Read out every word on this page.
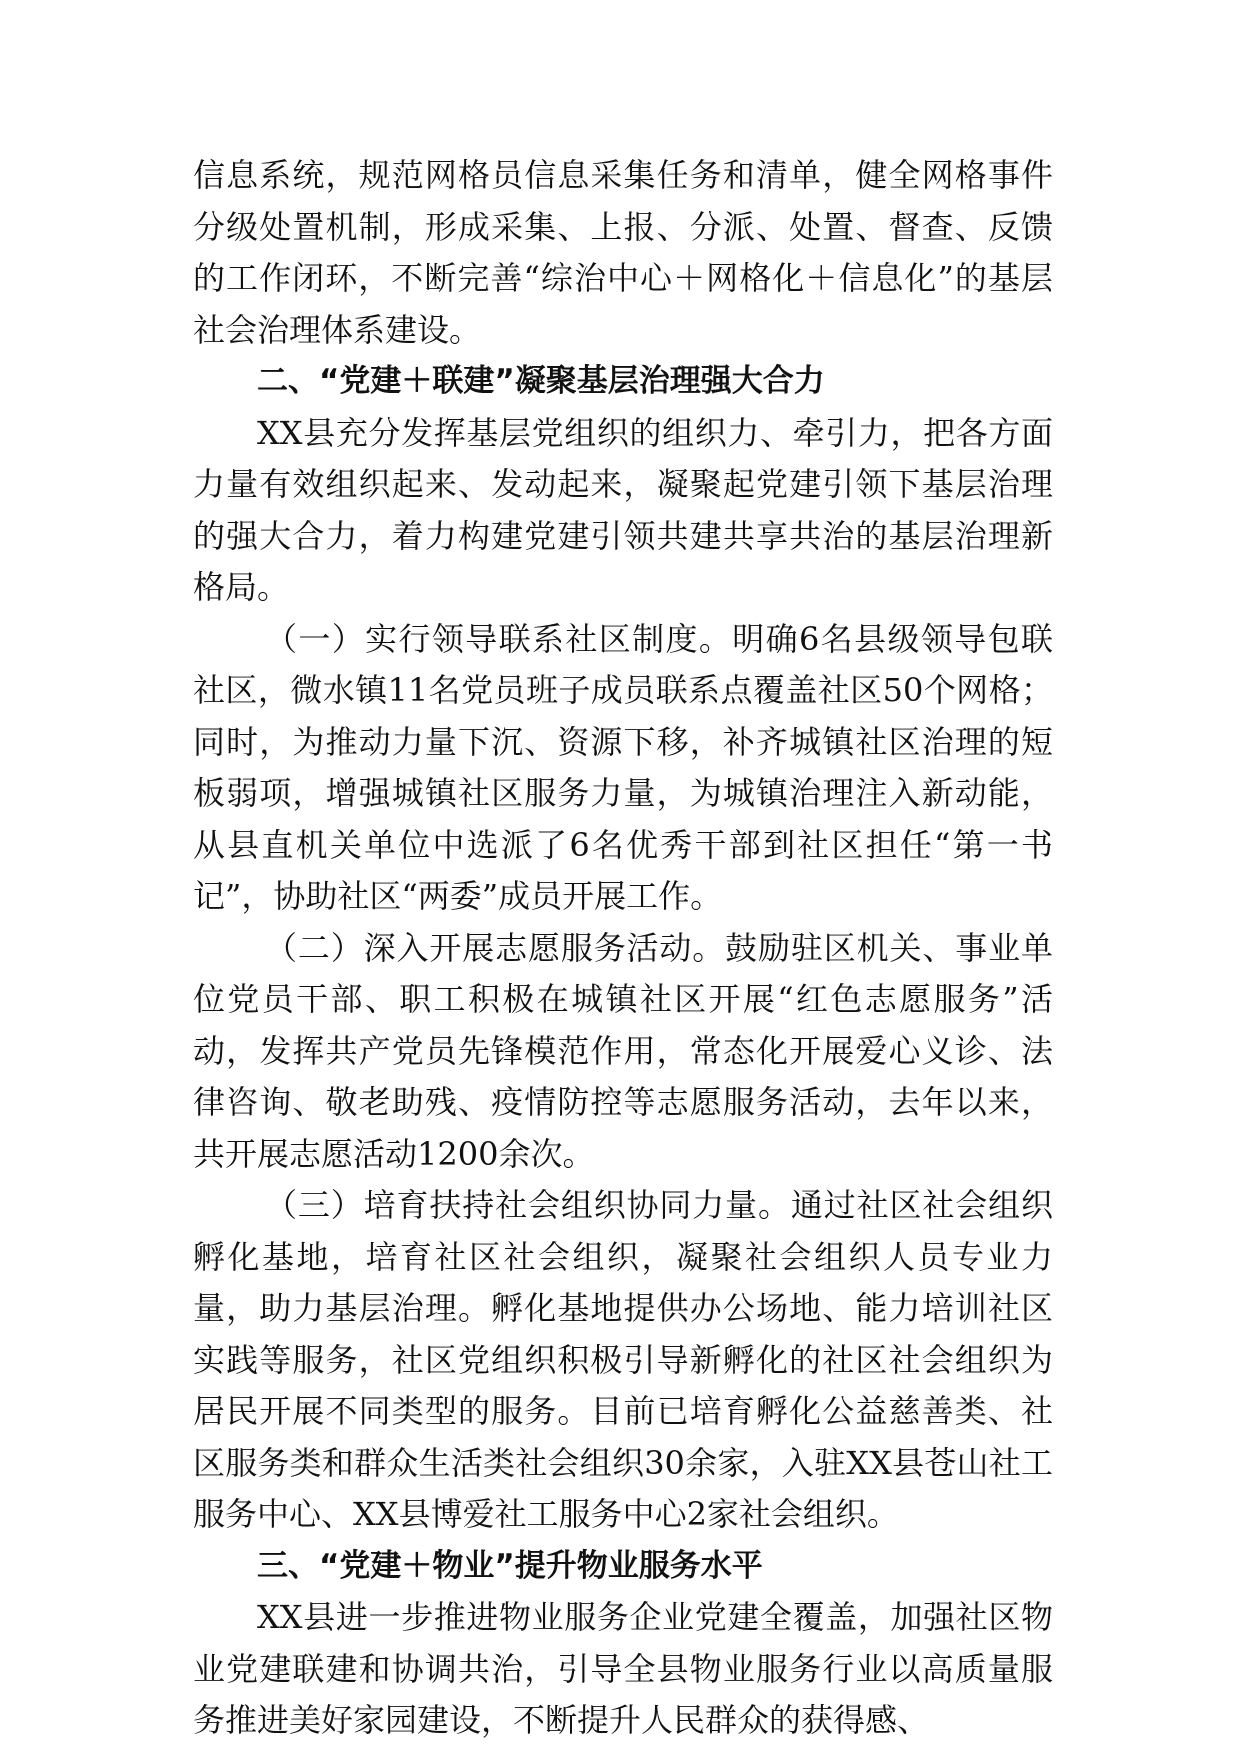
信息系统，规范网格员信息采集任务和清单，健全网格事件分级处置机制，形成采集、上报、分派、处置、督查、反馈的工作闭环，不断完善“综治中心＋网格化＋信息化”的基层社会治理体系建设。

二、“党建＋联建”凝聚基层治理强大合力

XX县充分发挥基层党组织的组织力、牵引力，把各方面力量有效组织起来、发动起来，凝聚起党建引领下基层治理的强大合力，着力构建党建引领共建共享共治的基层治理新格局。

（一）实行领导联系社区制度。明确6名县级领导包联社区，微水镇11名党员班子成员联系点覆盖社区50个网格；同时，为推动力量下沉、资源下移，补齐城镇社区治理的短板弱项，增强城镇社区服务力量，为城镇治理注入新动能，从县直机关单位中选派了6名优秀干部到社区担任“第一书记”，协助社区“两委”成员开展工作。

（二）深入开展志愿服务活动。鼓励驻区机关、事业单位党员干部、职工积极在城镇社区开展“红色志愿服务”活动，发挥共产党员先锋模范作用，常态化开展爱心义诊、法律咨询、敬老助残、疫情防控等志愿服务活动，去年以来，共开展志愿活动1200余次。

（三）培育扶持社会组织协同力量。通过社区社会组织孵化基地，培育社区社会组织，凝聚社会组织人员专业力量，助力基层治理。孵化基地提供办公场地、能力培训社区实践等服务，社区党组织积极引导新孵化的社区社会组织为居民开展不同类型的服务。目前已培育孵化公益慈善类、社区服务类和群众生活类社会组织30余家，入驻XX县苍山社工服务中心、XX县博爱社工服务中心2家社会组织。

三、“党建＋物业”提升物业服务水平

XX县进一步推进物业服务企业党建全覆盖，加强社区物业党建联建和协调共治，引导全县物业服务行业以高质量服务推进美好家园建设，不断提升人民群众的获得感、
